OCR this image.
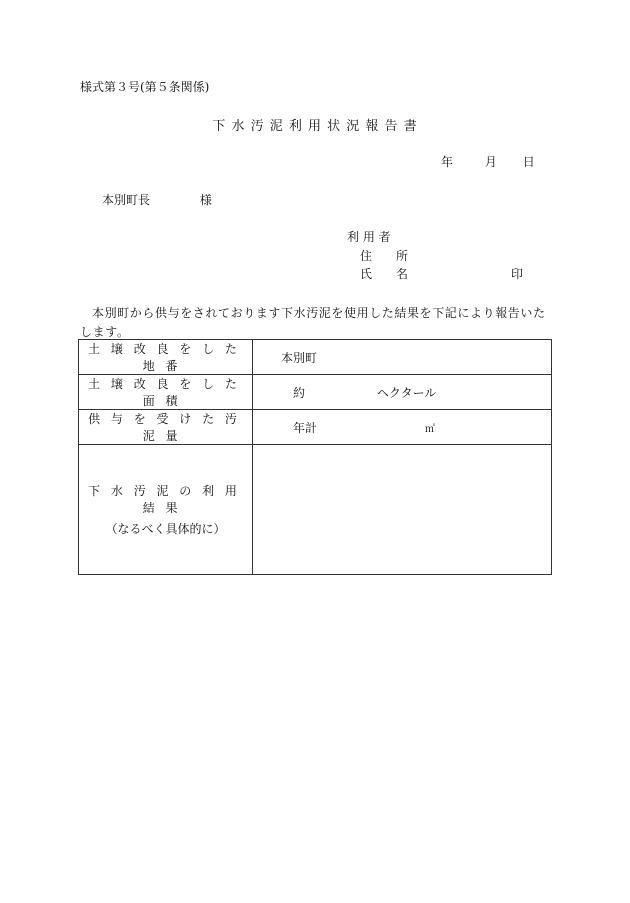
様式第３号(第５条関係)
下 水 汚 泥 利 用 状 況 報 告 書
年	月 日
本別町長	様
利 用 者
住　　所
氏　　名	印
本別町から供与をされております下水汚泥を使用した結果を下記により報告いたします。
土壌改良をした地番	本別町
土壌改良をした面積	約 ヘクタール
供与を受けた汚泥量	年計 ㎥
下水汚泥の利用結果
（なるべく具体的に）	
